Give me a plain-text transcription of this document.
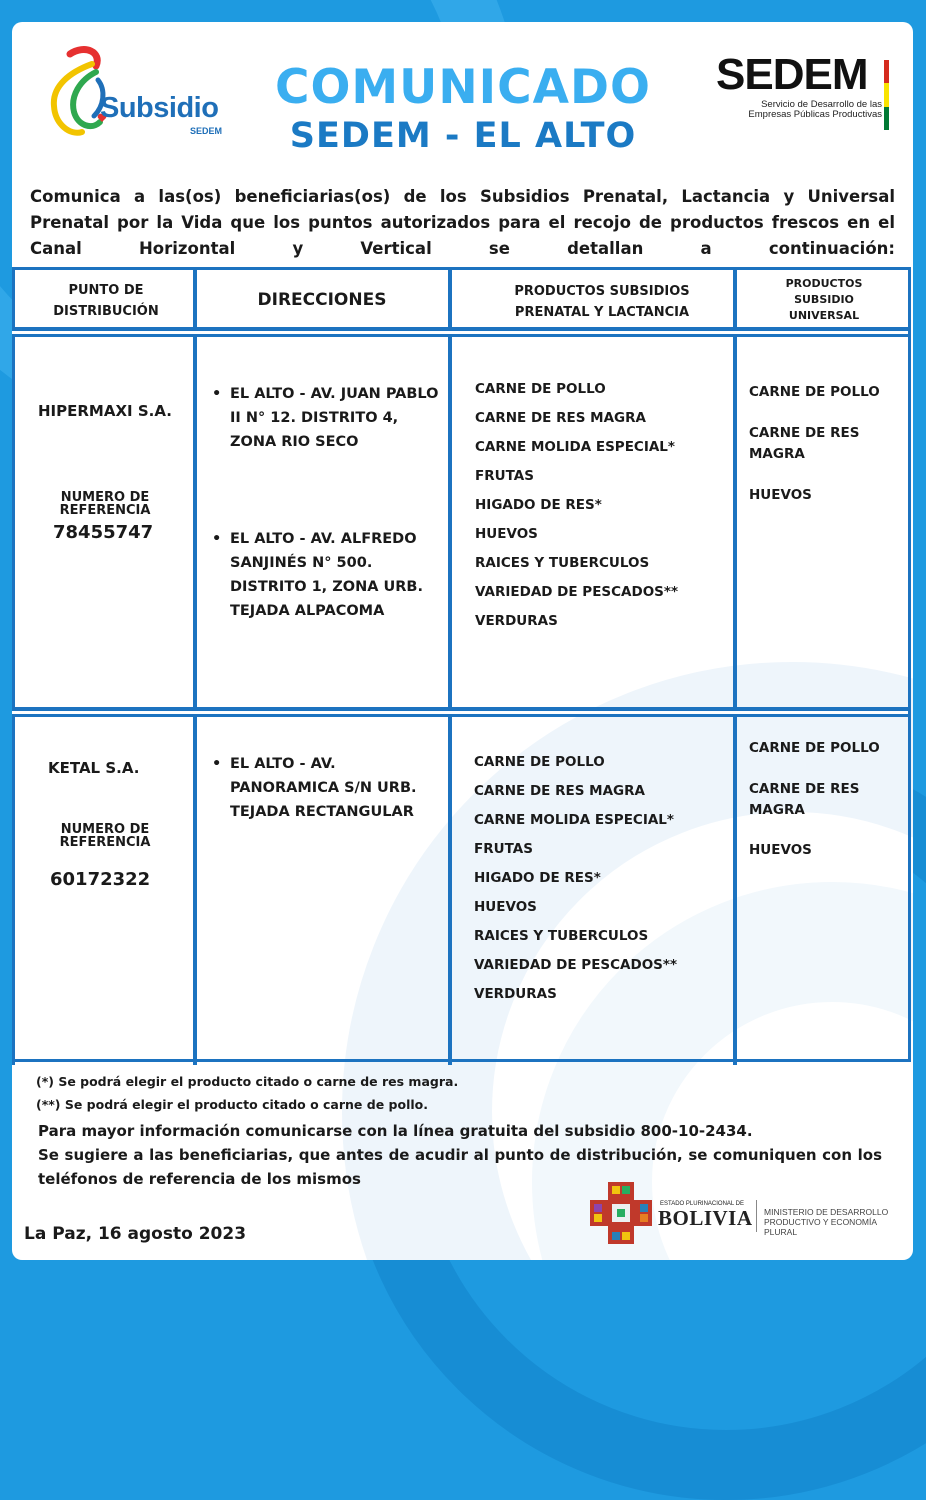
Subsidio
SEDEM
COMUNICADO
SEDEM - EL ALTO
SEDEM
Servicio de Desarrollo de las Empresas Públicas Productivas
Comunica a las(os) beneficiarias(os) de los Subsidios Prenatal, Lactancia y Universal Prenatal por la Vida que los puntos autorizados para el recojo de productos frescos en el Canal Horizontal y Vertical se detallan a continuación:
PUNTO DE DISTRIBUCIÓN
DIRECCIONES	PRODUCTOS SUBSIDIOS PRENATAL Y LACTANCIA
PRODUCTOS SUBSIDIO UNIVERSAL
HIPERMAXI S.A.
NUMERO DE REFERENCIA
78455747
• EL ALTO - AV. JUAN PABLO II N° 12. DISTRITO 4, ZONA RIO SECO
• EL ALTO - AV. ALFREDO SANJINÉS N° 500. DISTRITO 1, ZONA URB. TEJADA ALPACOMA
CARNE DE POLLO
CARNE DE RES MAGRA
CARNE MOLIDA ESPECIAL*
FRUTAS
HIGADO DE RES*
HUEVOS
RAICES Y TUBERCULOS
VARIEDAD DE PESCADOS**
VERDURAS
CARNE DE POLLO
CARNE DE RES MAGRA
HUEVOS
KETAL S.A.
NUMERO DE REFERENCIA
60172322
• EL ALTO - AV. PANORAMICA S/N URB. TEJADA RECTANGULAR
CARNE DE POLLO
CARNE DE RES MAGRA
CARNE MOLIDA ESPECIAL*
FRUTAS
HIGADO DE RES*
HUEVOS
RAICES Y TUBERCULOS
VARIEDAD DE PESCADOS**
VERDURAS
CARNE DE POLLO
CARNE DE RES MAGRA
HUEVOS
(*) Se podrá elegir el producto citado o carne de res magra.
(**) Se podrá elegir el producto citado o carne de pollo.
Para mayor información comunicarse con la línea gratuita del subsidio 800-10-2434.
Se sugiere a las beneficiarias, que antes de acudir al punto de distribución, se comuniquen con los teléfonos de referencia de los mismos
La Paz, 16 agosto 2023
ESTADO PLURINACIONAL DE
BOLIVIA MINISTERIO DE DESARROLLO PRODUCTIVO Y ECONOMÍA PLURAL
